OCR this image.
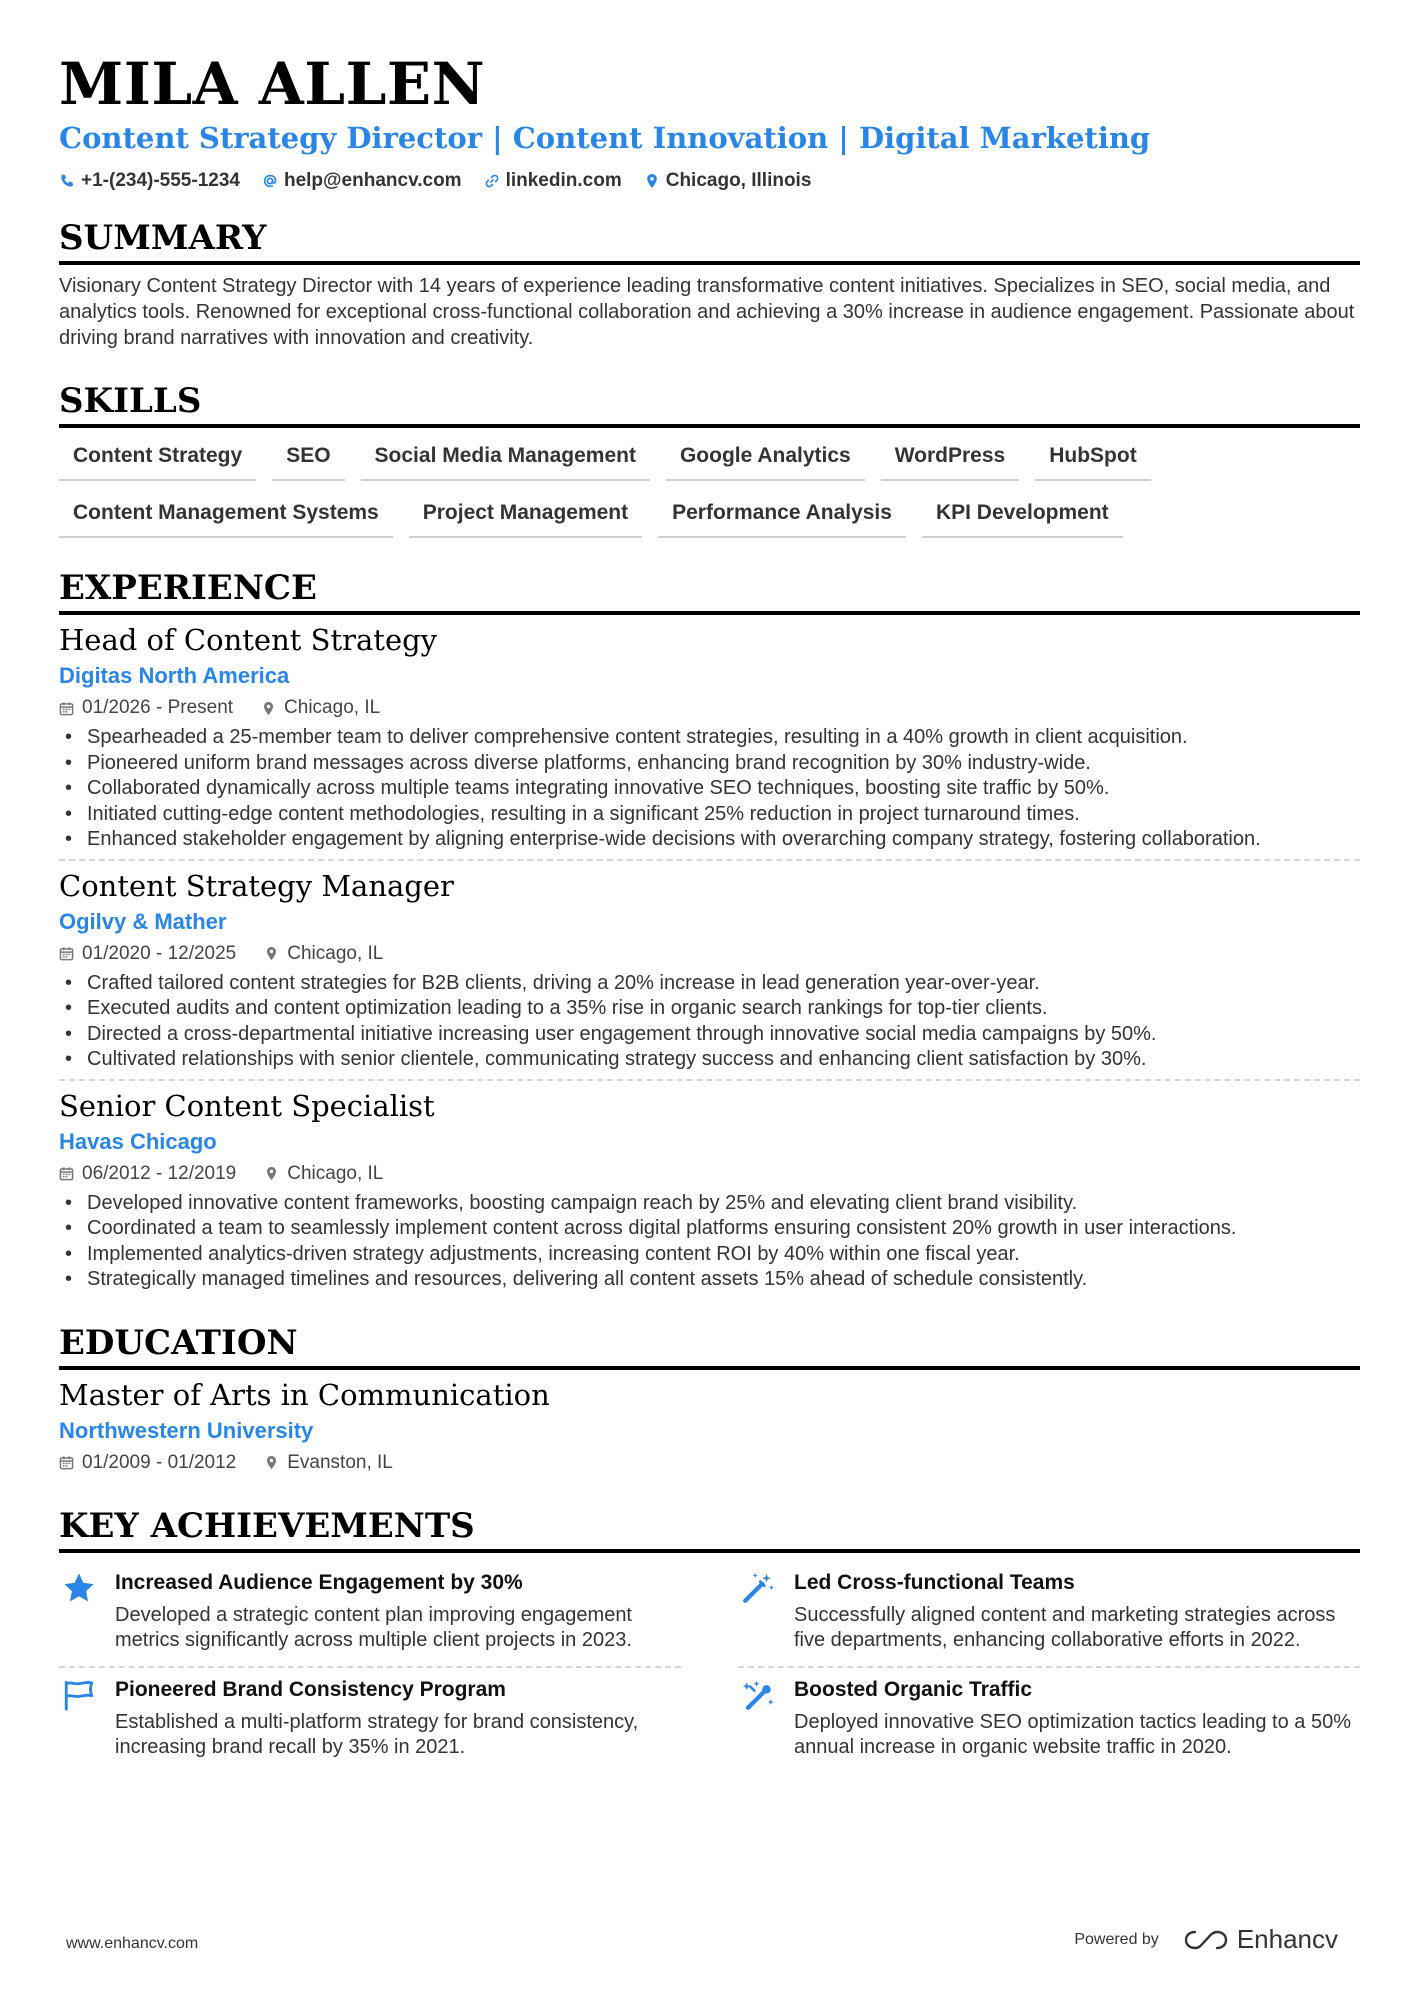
MILA ALLEN
Content Strategy Director | Content Innovation | Digital Marketing
+1-(234)-555-1234 help@enhancv.com linkedin.com Chicago, Illinois
SUMMARY
Visionary Content Strategy Director with 14 years of experience leading transformative content initiatives. Specializes in SEO, social media, and analytics tools. Renowned for exceptional cross-functional collaboration and achieving a 30% increase in audience engagement. Passionate about driving brand narratives with innovation and creativity.
SKILLS
Content Strategy	SEO	Social Media Management	Google Analytics	WordPress	HubSpot
Content Management Systems	Project Management	Performance Analysis	KPI Development
EXPERIENCE
Head of Content Strategy
Digitas North America
01/2026 - Present	Chicago, IL
• Spearheaded a 25-member team to deliver comprehensive content strategies, resulting in a 40% growth in client acquisition.
• Pioneered uniform brand messages across diverse platforms, enhancing brand recognition by 30% industry-wide.
• Collaborated dynamically across multiple teams integrating innovative SEO techniques, boosting site traffic by 50%.
• Initiated cutting-edge content methodologies, resulting in a significant 25% reduction in project turnaround times.
• Enhanced stakeholder engagement by aligning enterprise-wide decisions with overarching company strategy, fostering collaboration.
Content Strategy Manager
Ogilvy & Mather
01/2020 - 12/2025	Chicago, IL
• Crafted tailored content strategies for B2B clients, driving a 20% increase in lead generation year-over-year.
• Executed audits and content optimization leading to a 35% rise in organic search rankings for top-tier clients.
• Directed a cross-departmental initiative increasing user engagement through innovative social media campaigns by 50%.
• Cultivated relationships with senior clientele, communicating strategy success and enhancing client satisfaction by 30%.
Senior Content Specialist
Havas Chicago
06/2012 - 12/2019	Chicago, IL
• Developed innovative content frameworks, boosting campaign reach by 25% and elevating client brand visibility.
• Coordinated a team to seamlessly implement content across digital platforms ensuring consistent 20% growth in user interactions.
• Implemented analytics-driven strategy adjustments, increasing content ROI by 40% within one fiscal year.
• Strategically managed timelines and resources, delivering all content assets 15% ahead of schedule consistently.
EDUCATION
Master of Arts in Communication
Northwestern University
01/2009 - 01/2012	Evanston, IL
KEY ACHIEVEMENTS
Increased Audience Engagement by 30%
Developed a strategic content plan improving engagement metrics significantly across multiple client projects in 2023.
Led Cross-functional Teams
Successfully aligned content and marketing strategies across five departments, enhancing collaborative efforts in 2022.
Pioneered Brand Consistency Program
Established a multi-platform strategy for brand consistency, increasing brand recall by 35% in 2021.
Boosted Organic Traffic
Deployed innovative SEO optimization tactics leading to a 50% annual increase in organic website traffic in 2020.
www.enhancv.com	Powered by	Enhancv
